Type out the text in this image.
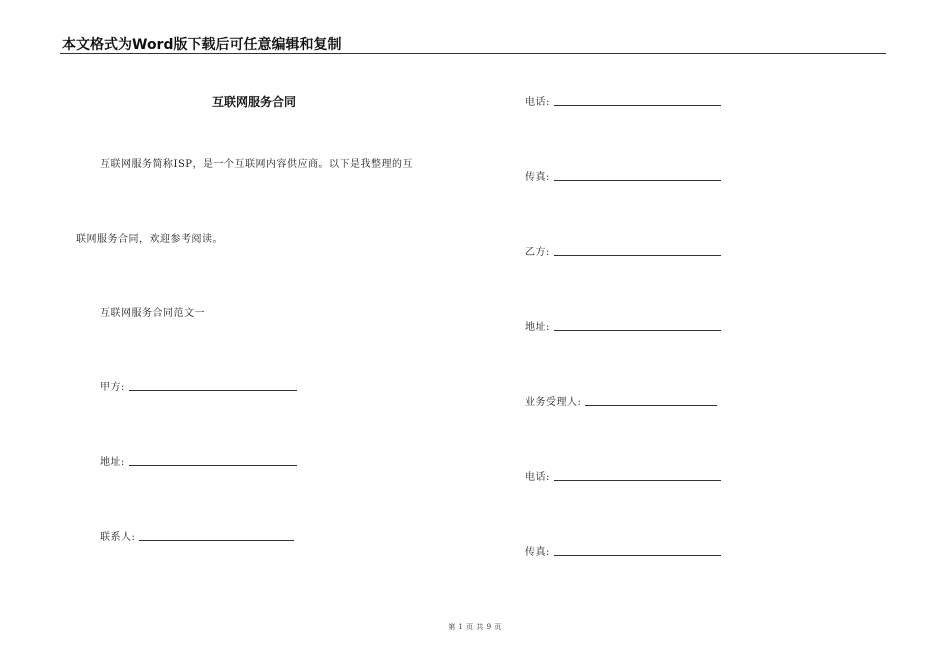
本文格式为Word版下载后可任意编辑和复制
互联网服务合同
互联网服务简称ISP，是一个互联网内容供应商。以下是我整理的互
联网服务合同，欢迎参考阅读。
互联网服务合同范文一
甲方:
地址:
联系人:
电话:
传真:
乙方:
地址:
业务受理人:
电话:
传真:
第 1 页 共 9 页
